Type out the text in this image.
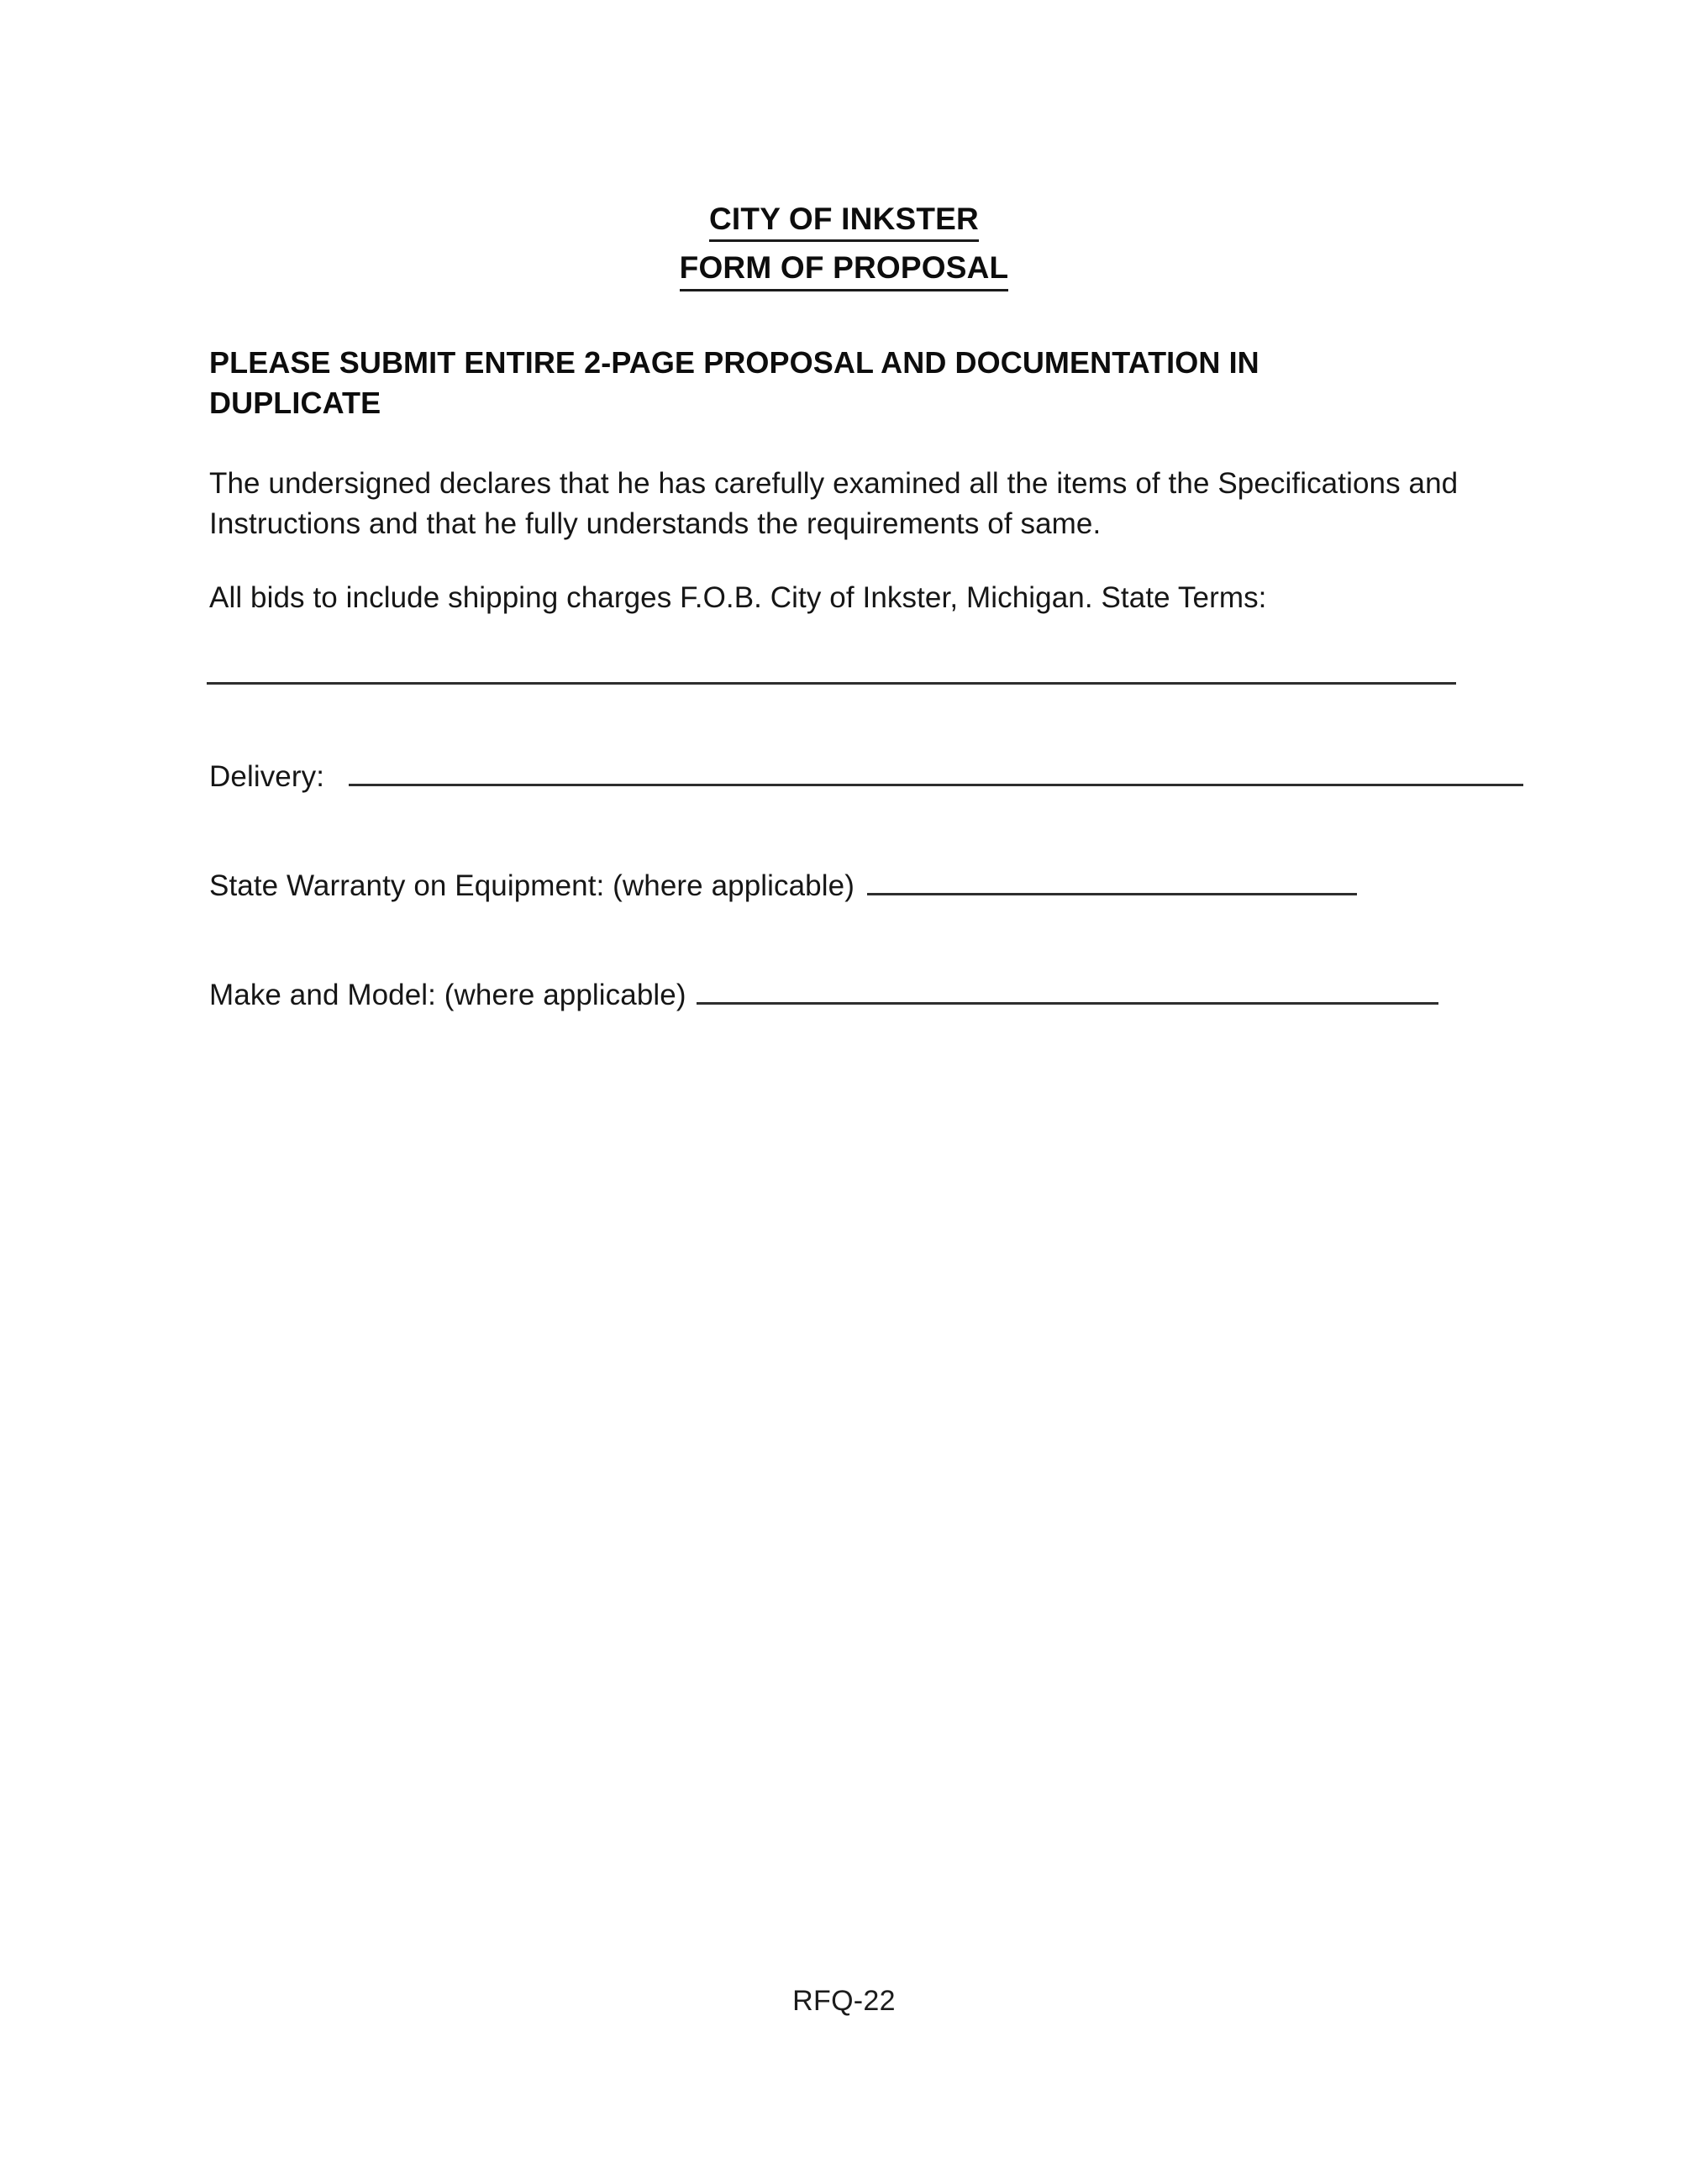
CITY OF INKSTER
FORM OF PROPOSAL
PLEASE SUBMIT ENTIRE 2-PAGE PROPOSAL AND DOCUMENTATION IN DUPLICATE
The undersigned declares that he has carefully examined all the items of the Specifications and Instructions and that he fully understands the requirements of same.
All bids to include shipping charges F.O.B. City of Inkster, Michigan. State Terms:
Delivery:
State Warranty on Equipment: (where applicable)
Make and Model: (where applicable)
RFQ-22
